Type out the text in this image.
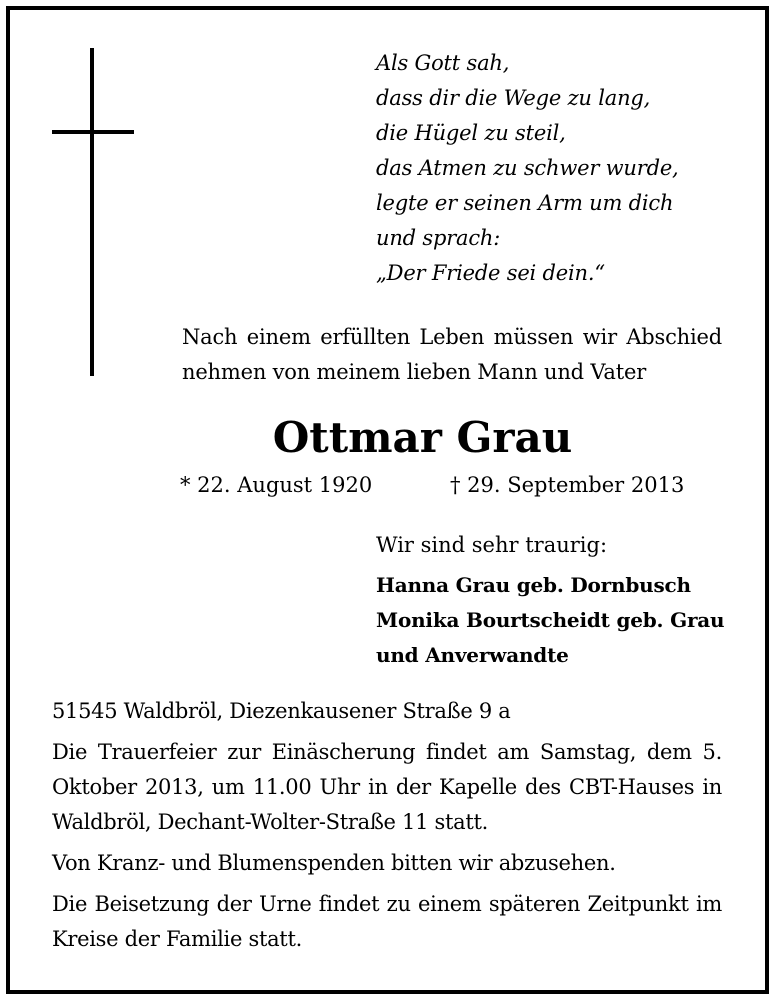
Als Gott sah,
dass dir die Wege zu lang,
die Hügel zu steil,
das Atmen zu schwer wurde,
legte er seinen Arm um dich
und sprach:
„Der Friede sei dein.“
Nach einem erfüllten Leben müssen wir Abschied
nehmen von meinem lieben Mann und Vater
Ottmar Grau
* 22. August 1920	† 29. September 2013
Wir sind sehr traurig:
Hanna Grau geb. Dornbusch
Monika Bourtscheidt geb. Grau
und Anverwandte

51545 Waldbröl, Diezenkausener Straße 9 a

Die Trauerfeier zur Einäscherung findet am Samstag, dem 5. Oktober 2013, um 11.00 Uhr in der Kapelle des CBT-Hauses in Waldbröl, Dechant-Wolter-Straße 11 statt.

Von Kranz- und Blumenspenden bitten wir abzusehen.

Die Beisetzung der Urne findet zu einem späteren Zeitpunkt im Kreise der Familie statt.
